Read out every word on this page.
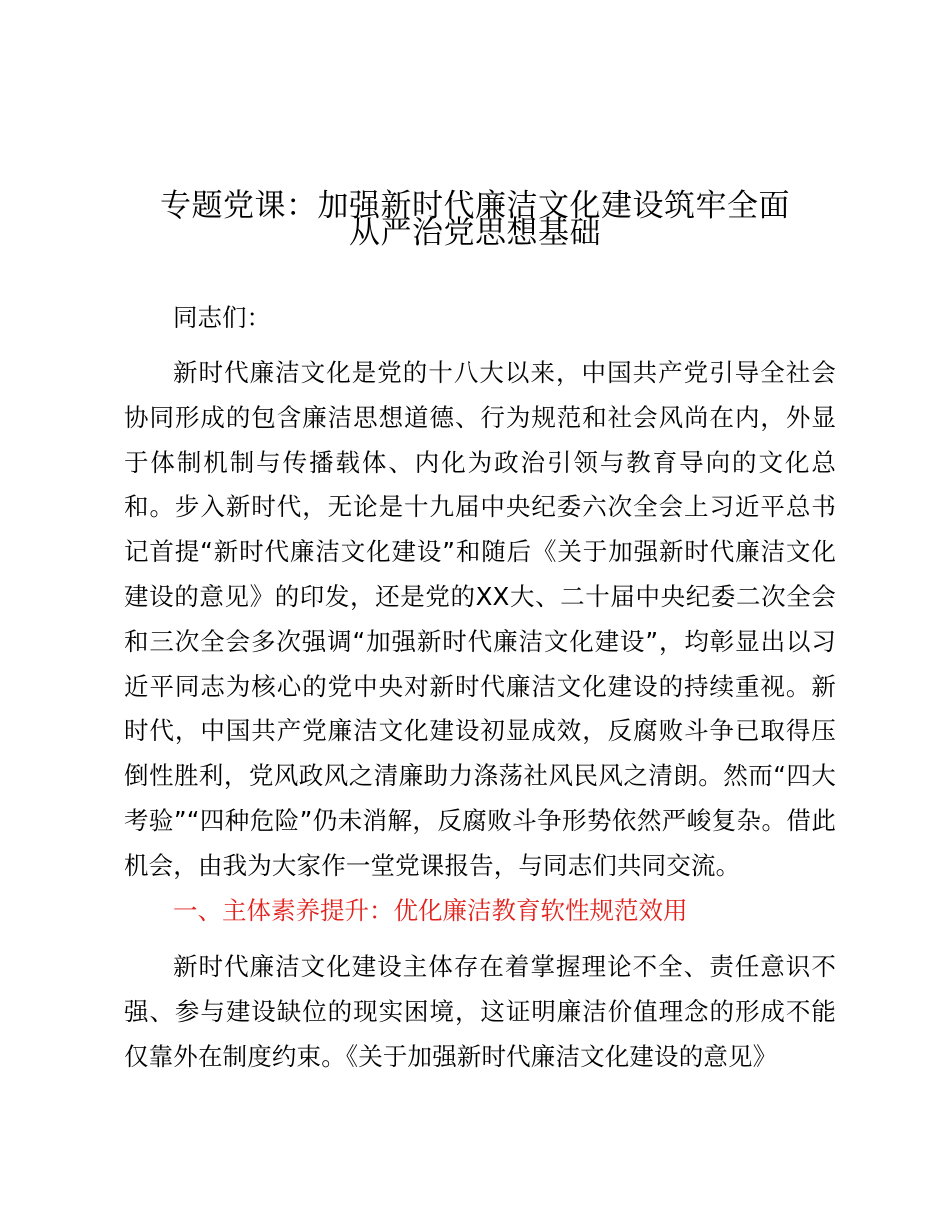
专题党课：加强新时代廉洁文化建设筑牢全面
从严治党思想基础

同志们：

新时代廉洁文化是党的十八大以来，中国共产党引导全社会协同形成的包含廉洁思想道德、行为规范和社会风尚在内，外显于体制机制与传播载体、内化为政治引领与教育导向的文化总和。步入新时代，无论是十九届中央纪委六次全会上习近平总书记首提“新时代廉洁文化建设”和随后《关于加强新时代廉洁文化建设的意见》的印发，还是党的XX大、二十届中央纪委二次全会和三次全会多次强调“加强新时代廉洁文化建设”，均彰显出以习近平同志为核心的党中央对新时代廉洁文化建设的持续重视。新时代，中国共产党廉洁文化建设初显成效，反腐败斗争已取得压倒性胜利，党风政风之清廉助力涤荡社风民风之清朗。然而“四大考验”“四种危险”仍未消解，反腐败斗争形势依然严峻复杂。借此机会，由我为大家作一堂党课报告，与同志们共同交流。

一、主体素养提升：优化廉洁教育软性规范效用

新时代廉洁文化建设主体存在着掌握理论不全、责任意识不强、参与建设缺位的现实困境，这证明廉洁价值理念的形成不能仅靠外在制度约束。《关于加强新时代廉洁文化建设的意见》
